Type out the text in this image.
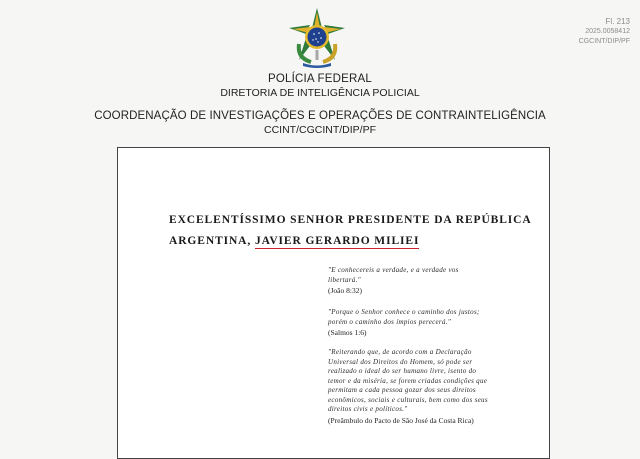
Fl. 213
2025.0058412
CGCINT/DIP/PF
POLÍCIA FEDERAL
DIRETORIA DE INTELIGÊNCIA POLICIAL
COORDENAÇÃO DE INVESTIGAÇÕES E OPERAÇÕES DE CONTRAINTELIGÊNCIA
CCINT/CGCINT/DIP/PF
EXCELENTÍSSIMO SENHOR PRESIDENTE DA REPÚBLICA
ARGENTINA, JAVIER GERARDO MILIEI
"E conhecereis a verdade, e a verdade vos
libertará."
(João 8:32)
"Porque o Senhor conhece o caminho dos justos;
porém o caminho dos ímpios perecerá."
(Salmos 1:6)
"Reiterando que, de acordo com a Declaração
Universal dos Direitos do Homem, só pode ser
realizado o ideal do ser humano livre, isento do
temor e da miséria, se forem criadas condições que
permitam a cada pessoa gozar dos seus direitos
econômicos, sociais e culturais, bem como dos seus
direitos civis e políticos."
(Preâmbulo do Pacto de São José da Costa Rica)
